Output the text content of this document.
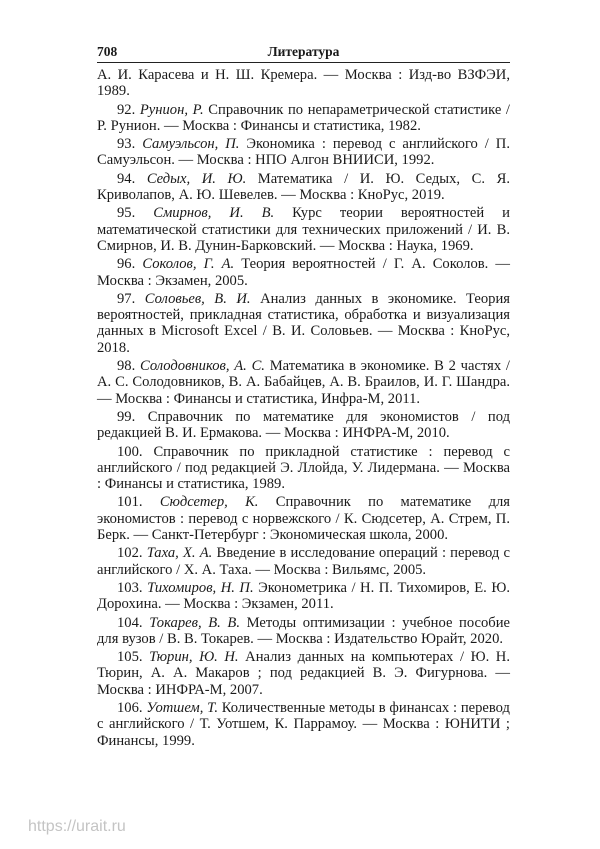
708	Литература

А. И. Карасева и Н. Ш. Кремера. — Москва : Изд-во ВЗФЭИ, 1989.

92. Рунион, Р. Справочник по непараметрической статистике / Р. Рунион. — Москва : Финансы и статистика, 1982.

93. Самуэльсон, П. Экономика : перевод с английского / П. Самуэльсон. — Москва : НПО Алгон ВНИИСИ, 1992.

94. Седых, И. Ю. Математика / И. Ю. Седых, С. Я. Криволапов, А. Ю. Шевелев. — Москва : КноРус, 2019.

95. Смирнов, И. В. Курс теории вероятностей и математической статистики для технических приложений / И. В. Смирнов, И. В. Дунин-Барковский. — Москва : Наука, 1969.

96. Соколов, Г. А. Теория вероятностей / Г. А. Соколов. — Москва : Экзамен, 2005.

97. Соловьев, В. И. Анализ данных в экономике. Теория вероятностей, прикладная статистика, обработка и визуализация данных в Microsoft Excel / В. И. Соловьев. — Москва : КноРус, 2018.

98. Солодовников, А. С. Математика в экономике. В 2 частях / А. С. Солодовников, В. А. Бабайцев, А. В. Браилов, И. Г. Шандра. — Москва : Финансы и статистика, Инфра-М, 2011.

99. Справочник по математике для экономистов / под редакцией В. И. Ермакова. — Москва : ИНФРА-М, 2010.

100. Справочник по прикладной статистике : перевод с английского / под редакцией Э. Ллойда, У. Лидермана. — Москва : Финансы и статистика, 1989.

101. Сюдсетер, К. Справочник по математике для экономистов : перевод с норвежского / К. Сюдсетер, А. Стрем, П. Берк. — Санкт-Петербург : Экономическая школа, 2000.

102. Таха, Х. А. Введение в исследование операций : перевод с английского / Х. А. Таха. — Москва : Вильямс, 2005.

103. Тихомиров, Н. П. Эконометрика / Н. П. Тихомиров, Е. Ю. Дорохина. — Москва : Экзамен, 2011.

104. Токарев, В. В. Методы оптимизации : учебное пособие для вузов / В. В. Токарев. — Москва : Издательство Юрайт, 2020.

105. Тюрин, Ю. Н. Анализ данных на компьютерах / Ю. Н. Тюрин, А. А. Макаров ; под редакцией В. Э. Фигурнова. — Москва : ИНФРА-М, 2007.

106. Уотшем, Т. Количественные методы в финансах : перевод с английского / Т. Уотшем, К. Паррамоу. — Москва : ЮНИТИ ; Финансы, 1999.

https://urait.ru
